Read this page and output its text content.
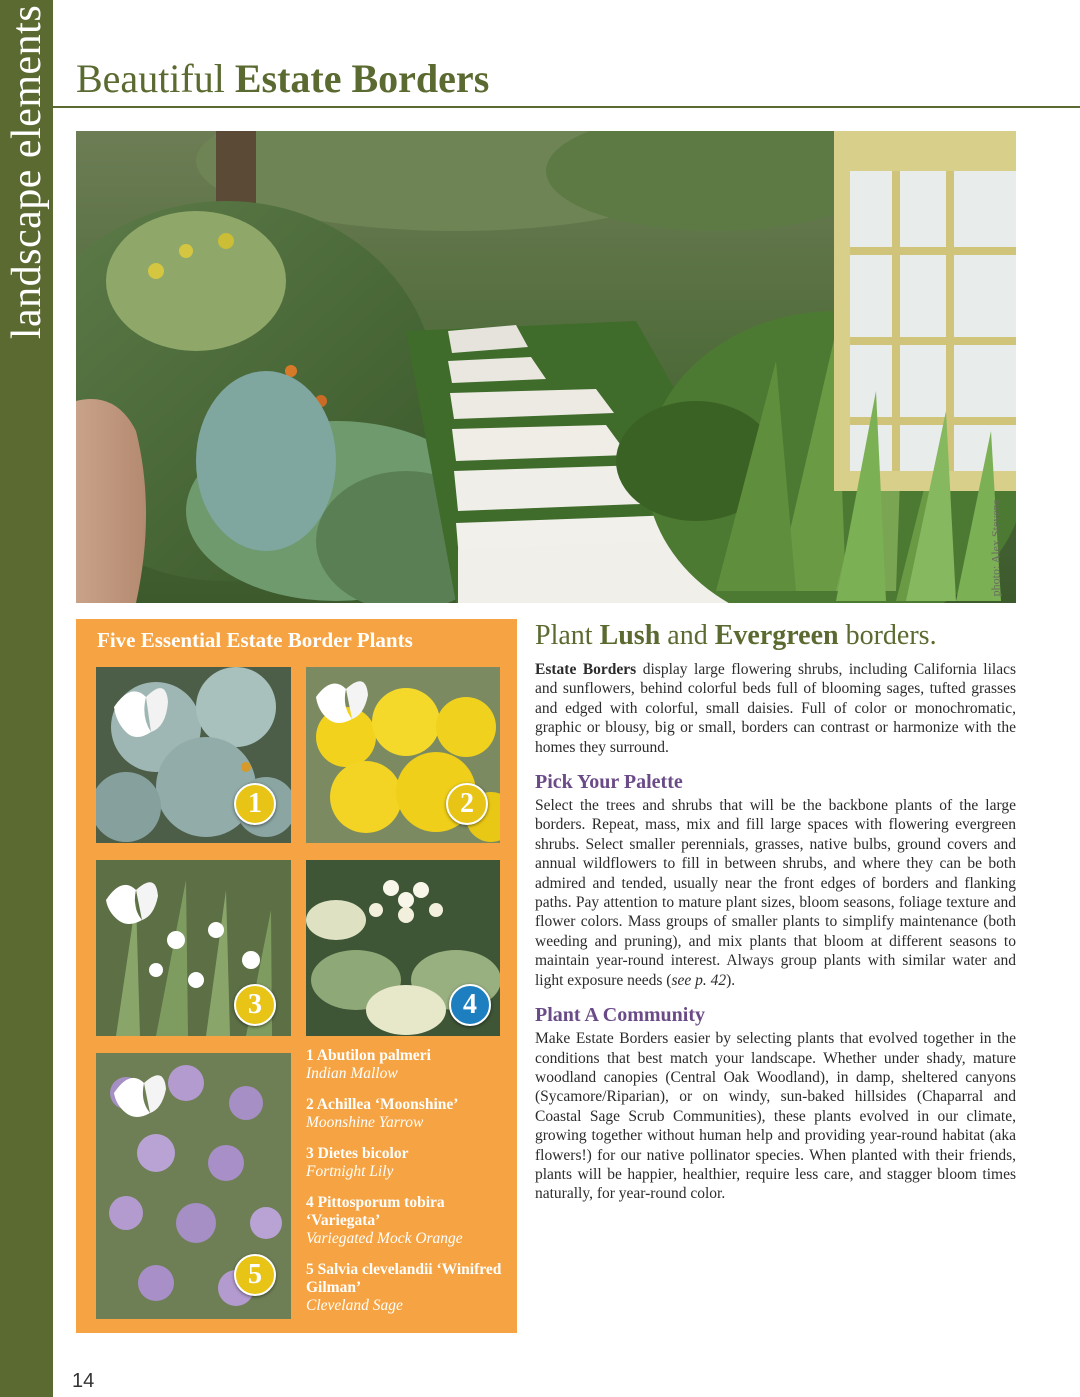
landscape elements Beautiful Estate Borders
photo: Alex Stevens
Five Essential Estate Border Plants
1	2
3	4
5
1 Abutilon palmeri
Indian Mallow
2 Achillea ‘Moonshine’
Moonshine Yarrow
3 Dietes bicolor
Fortnight Lily
4 Pittosporum tobira ‘Variegata’
Variegated Mock Orange
5 Salvia clevelandii ‘Winifred Gilman’
Cleveland Sage
Plant Lush and Evergreen borders.

Estate Borders display large flowering shrubs, including California lilacs and sunflowers, behind colorful beds full of blooming sages, tufted grasses and edged with colorful, small daisies. Full of color or monochromatic, graphic or blousy, big or small, borders can contrast or harmonize with the homes they surround.

Pick Your Palette

Select the trees and shrubs that will be the backbone plants of the large borders. Repeat, mass, mix and fill large spaces with flowering evergreen shrubs. Select smaller perennials, grasses, native bulbs, ground covers and annual wildflowers to fill in between shrubs, and where they can be both admired and tended, usually near the front edges of borders and flanking paths. Pay attention to mature plant sizes, bloom seasons, foliage texture and flower colors. Mass groups of smaller plants to simplify maintenance (both weeding and pruning), and mix plants that bloom at different seasons to maintain year-round interest. Always group plants with similar water and light exposure needs (see p. 42).

Plant A Community

Make Estate Borders easier by selecting plants that evolved together in the conditions that best match your landscape. Whether under shady, mature woodland canopies (Central Oak Woodland), in damp, sheltered canyons (Sycamore/Riparian), or on windy, sun-baked hillsides (Chaparral and Coastal Sage Scrub Communities), these plants evolved in our climate, growing together without human help and providing year-round habitat (aka flowers!) for our native pollinator species. When planted with their friends, plants will be happier, healthier, require less care, and stagger bloom times naturally, for year-round color.

14
